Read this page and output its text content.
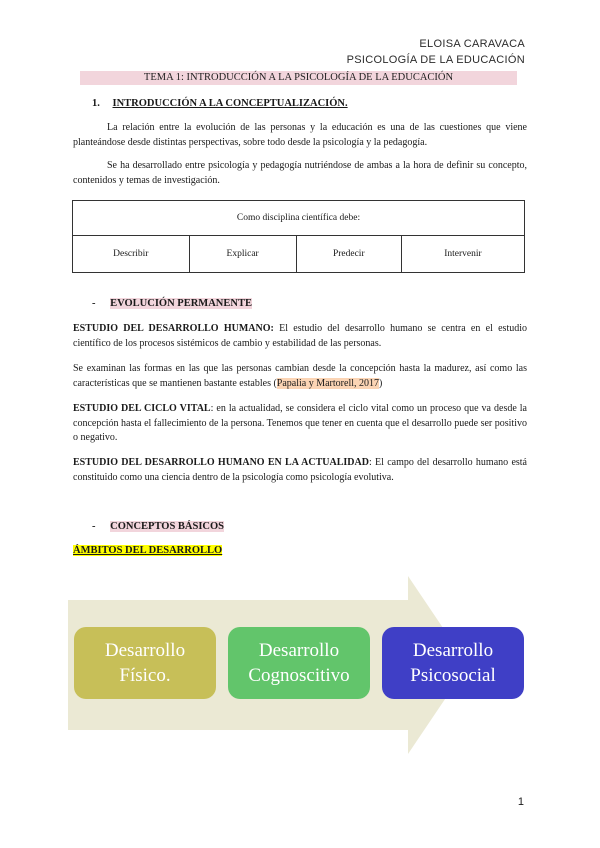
ELOISA CARAVACA
PSICOLOGÍA DE LA EDUCACIÓN
TEMA 1: INTRODUCCIÓN A LA PSICOLOGÍA DE LA EDUCACIÓN
1. INTRODUCCIÓN A LA CONCEPTUALIZACIÓN.
La relación entre la evolución de las personas y la educación es una de las cuestiones que viene planteándose desde distintas perspectivas, sobre todo desde la psicología y la pedagogía.
Se ha desarrollado entre psicología y pedagogía nutriéndose de ambas a la hora de definir su concepto, contenidos y temas de investigación.
Como disciplina científica debe:
Describir	Explicar	Predecir	Intervenir
- EVOLUCIÓN PERMANENTE
ESTUDIO DEL DESARROLLO HUMANO: El estudio del desarrollo humano se centra en el estudio científico de los procesos sistémicos de cambio y estabilidad de las personas.
Se examinan las formas en las que las personas cambian desde la concepción hasta la madurez, así como las características que se mantienen bastante estables (Papalia y Martorell, 2017)
ESTUDIO DEL CICLO VITAL: en la actualidad, se considera el ciclo vital como un proceso que va desde la concepción hasta el fallecimiento de la persona. Tenemos que tener en cuenta que el desarrollo puede ser positivo o negativo.
ESTUDIO DEL DESARROLLO HUMANO EN LA ACTUALIDAD: El campo del desarrollo humano está constituido como una ciencia dentro de la psicología como psicología evolutiva.
- CONCEPTOS BÁSICOS
ÁMBITOS DEL DESARROLLO
Desarrollo
Físico.
Desarrollo
Cognoscitivo
Desarrollo
Psicosocial
1
